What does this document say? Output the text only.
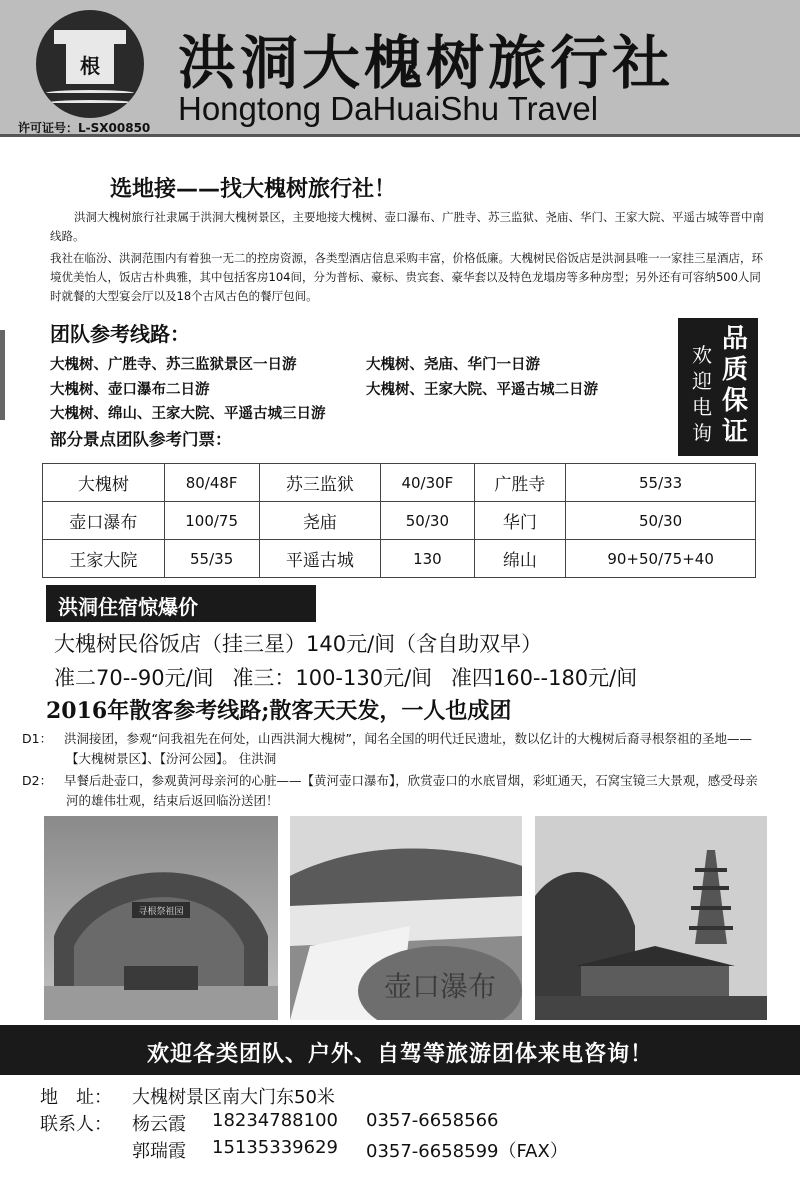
根 洪洞大槐树旅行社
Hongtong DaHuaiShu Travel
许可证号：L-SX00850
选地接——找大槐树旅行社！
洪洞大槐树旅行社隶属于洪洞大槐树景区，主要地接大槐树、壶口瀑布、广胜寺、苏三监狱、尧庙、华门、王家大院、平遥古城等晋中南线路。
我社在临汾、洪洞范围内有着独一无二的控房资源，各类型酒店信息采购丰富，价格低廉。大槐树民俗饭店是洪洞县唯一一家挂三星酒店，环境优美怡人，饭店古朴典雅，其中包括客房104间，分为普标、豪标、贵宾套、豪华套以及特色龙塌房等多种房型；另外还有可容纳500人同时就餐的大型宴会厅以及18个古风古色的餐厅包间。
团队参考线路：
大槐树、广胜寺、苏三监狱景区一日游	大槐树、尧庙、华门一日游
大槐树、壶口瀑布二日游	大槐树、王家大院、平遥古城二日游
大槐树、绵山、王家大院、平遥古城三日游
部分景点团队参考门票：
品质保证
欢迎电询
大槐树	80/48F	苏三监狱	40/30F	广胜寺	55/33
壶口瀑布	100/75	尧庙	50/30	华门	50/30
王家大院	55/35	平遥古城	130	绵山	90+50/75+40
洪洞住宿惊爆价
大槐树民俗饭店（挂三星）140元/间（含自助双早）
准二70--90元/间 准三：100-130元/间 准四160--180元/间
2016年散客参考线路;散客天天发，一人也成团
D1： 洪洞接团，参观“问我祖先在何处，山西洪洞大槐树”，闻名全国的明代迁民遗址，数以亿计的大槐树后裔寻根祭祖的圣地——【大槐树景区】、【汾河公园】。 住洪洞
D2： 早餐后赴壶口，参观黄河母亲河的心脏——【黄河壶口瀑布】，欣赏壶口的水底冒烟，彩虹通天，石窝宝镜三大景观，感受母亲河的雄伟壮观，结束后返回临汾送团！
寻根祭祖园
壶口瀑布
欢迎各类团队、户外、自驾等旅游团体来电咨询！
地　址： 大槐树景区南大门东50米
联系人： 杨云霞 18234788100 0357-6658566
郭瑞霞 15135339629 0357-6658599（FAX）
